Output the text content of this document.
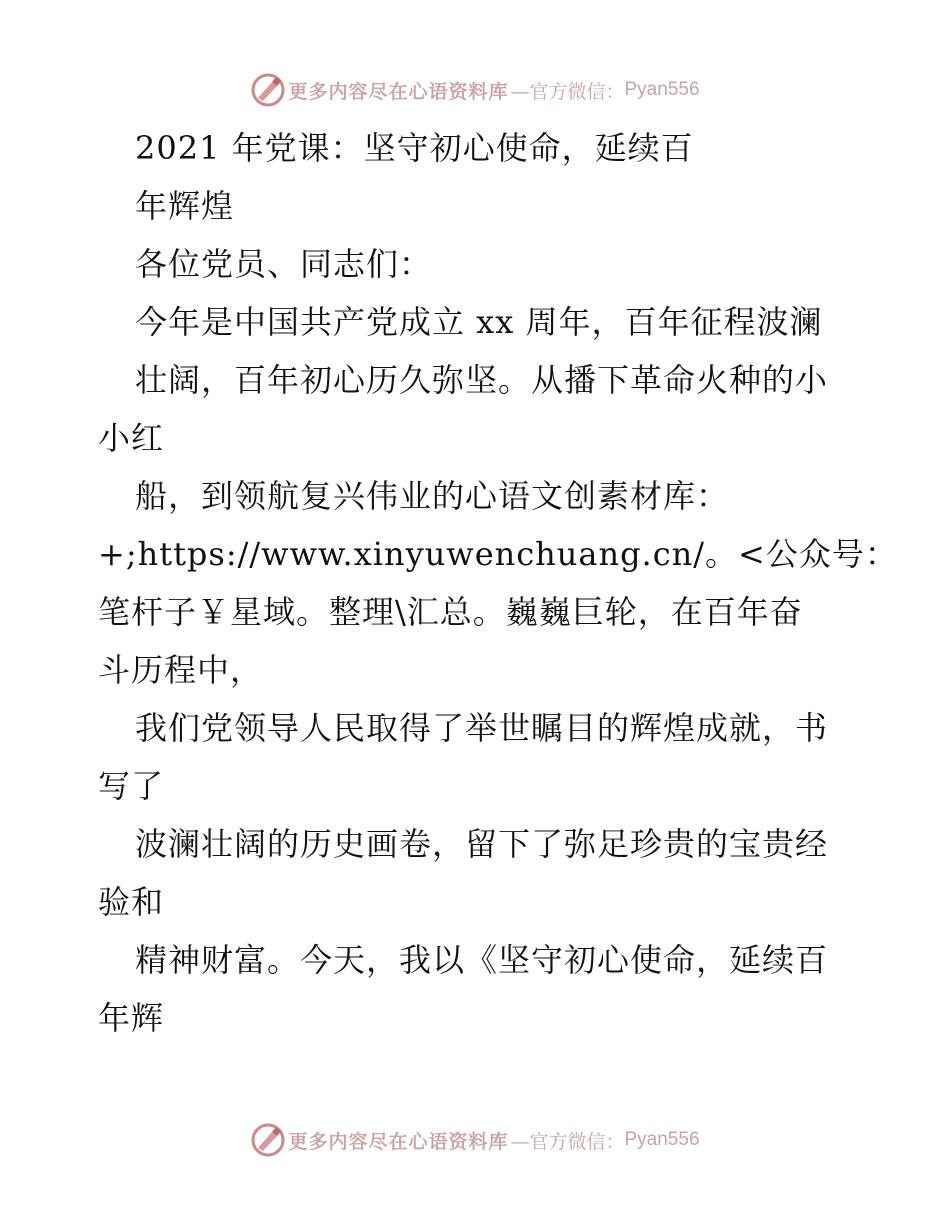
更多内容尽在心语资料库 —官方微信： Pyan556
2021 年党课：坚守初心使命，延续百
年辉煌
各位党员、同志们：
今年是中国共产党成立 xx 周年，百年征程波澜
壮阔，百年初心历久弥坚。从播下革命火种的小
小红
船，到领航复兴伟业的心语文创素材库：
+;https://www.xinyuwenchuang.cn/。<公众号：
笔杆子￥星域。整理\汇总。巍巍巨轮，在百年奋
斗历程中，
我们党领导人民取得了举世瞩目的辉煌成就，书
写了
波澜壮阔的历史画卷，留下了弥足珍贵的宝贵经
验和
精神财富。今天，我以《坚守初心使命，延续百
年辉
更多内容尽在心语资料库 —官方微信： Pyan556
